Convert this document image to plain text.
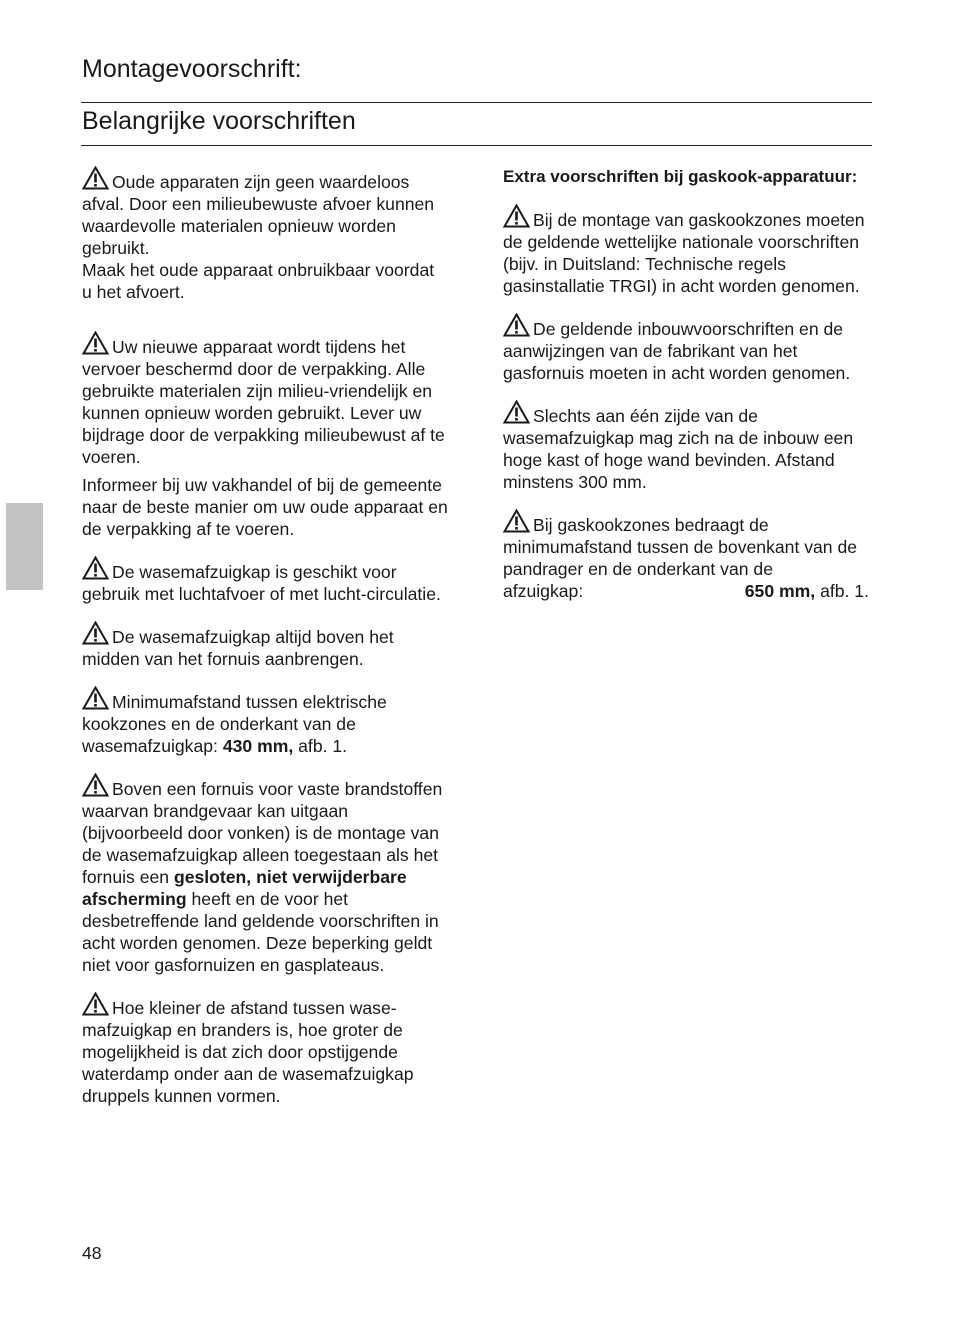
Montagevoorschrift:
Belangrijke voorschriften

Oude apparaten zijn geen waardeloos afval. Door een milieubewuste afvoer kunnen waardevolle materialen opnieuw worden gebruikt.
Maak het oude apparaat onbruikbaar voordat u het afvoert.

Uw nieuwe apparaat wordt tijdens het vervoer beschermd door de verpakking. Alle gebruikte materialen zijn milieu-vriendelijk en kunnen opnieuw worden gebruikt. Lever uw bijdrage door de verpakking milieubewust af te voeren.

Informeer bij uw vakhandel of bij de gemeente naar de beste manier om uw oude apparaat en de verpakking af te voeren.

De wasemafzuigkap is geschikt voor gebruik met luchtafvoer of met lucht-circulatie.

De wasemafzuigkap altijd boven het midden van het fornuis aanbrengen.

Minimumafstand tussen elektrische kookzones en de onderkant van de wasemafzuigkap: 430 mm, afb. 1.

Boven een fornuis voor vaste brandstoffen waarvan brandgevaar kan uitgaan (bijvoorbeeld door vonken) is de montage van de wasemafzuigkap alleen toegestaan als het fornuis een gesloten, niet verwijderbare afscherming heeft en de voor het desbetreffende land geldende voorschriften in acht worden genomen. Deze beperking geldt niet voor gasfornuizen en gasplateaus.

Hoe kleiner de afstand tussen wase-mafzuigkap en branders is, hoe groter de mogelijkheid is dat zich door opstijgende waterdamp onder aan de wasemafzuigkap druppels kunnen vormen.

Extra voorschriften bij gaskook-apparatuur:

Bij de montage van gaskookzones moeten de geldende wettelijke nationale voorschriften (bijv. in Duitsland: Technische regels gasinstallatie TRGI) in acht worden genomen.

De geldende inbouwvoorschriften en de aanwijzingen van de fabrikant van het gasfornuis moeten in acht worden genomen.

Slechts aan één zijde van de wasemafzuigkap mag zich na de inbouw een hoge kast of hoge wand bevinden. Afstand minstens 300 mm.

Bij gaskookzones bedraagt de minimumafstand tussen de bovenkant van de pandrager en de onderkant van de
afzuigkap:	650 mm, afb. 1.

48
